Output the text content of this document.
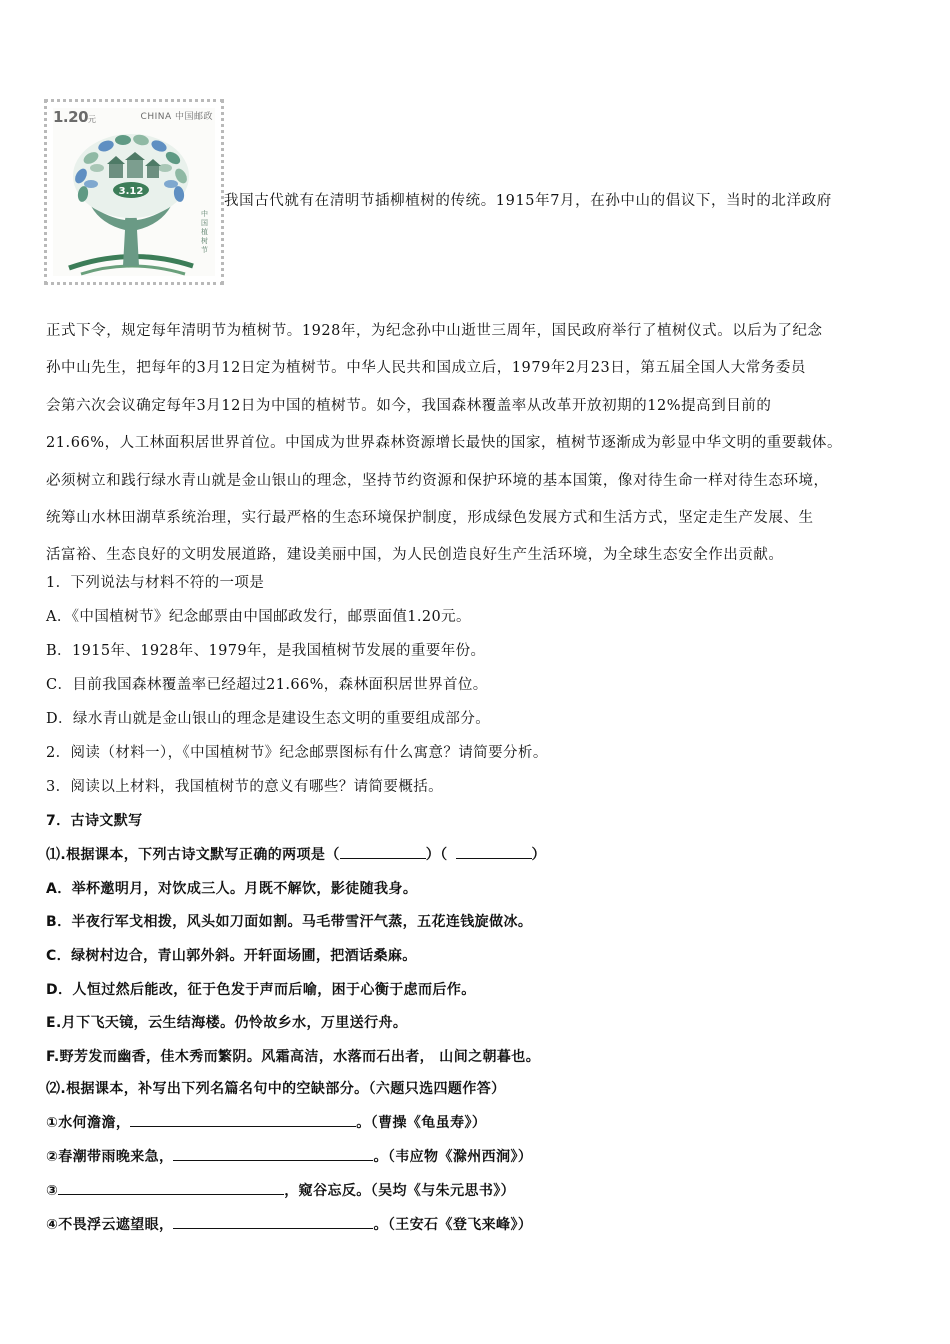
1.20元	CHINA 中国邮政
3.12
中国植树节
我国古代就有在清明节插柳植树的传统。1915年7月，在孙中山的倡议下，当时的北洋政府

正式下令，规定每年清明节为植树节。1928年，为纪念孙中山逝世三周年，国民政府举行了植树仪式。以后为了纪念

孙中山先生，把每年的3月12日定为植树节。中华人民共和国成立后，1979年2月23日，第五届全国人大常务委员

会第六次会议确定每年3月12日为中国的植树节。如今，我国森林覆盖率从改革开放初期的12%提高到目前的

21.66%，人工林面积居世界首位。中国成为世界森林资源增长最快的国家，植树节逐渐成为彰显中华文明的重要载体。

必须树立和践行绿水青山就是金山银山的理念，坚持节约资源和保护环境的基本国策，像对待生命一样对待生态环境，

统筹山水林田湖草系统治理，实行最严格的生态环境保护制度，形成绿色发展方式和生活方式，坚定走生产发展、生

活富裕、生态良好的文明发展道路，建设美丽中国，为人民创造良好生产生活环境，为全球生态安全作出贡献。

1．下列说法与材料不符的一项是
A．《中国植树节》纪念邮票由中国邮政发行，邮票面值1.20元。
B．1915年、1928年、1979年，是我国植树节发展的重要年份。
C．目前我国森林覆盖率已经超过21.66%，森林面积居世界首位。
D．绿水青山就是金山银山的理念是建设生态文明的重要组成部分。
2．阅读（材料一），《中国植树节》纪念邮票图标有什么寓意？请简要分析。
3．阅读以上材料，我国植树节的意义有哪些？请简要概括。
7．古诗文默写
⑴.根据课本，下列古诗文默写正确的两项是（	）（	）
A．举杯邀明月，对饮成三人。月既不解饮，影徒随我身。
B．半夜行军戈相拨，风头如刀面如割。马毛带雪汗气蒸，五花连钱旋做冰。
C．绿树村边合，青山郭外斜。开轩面场圃，把酒话桑麻。
D．人恒过然后能改，征于色发于声而后喻，困于心衡于虑而后作。
E.月下飞天镜，云生结海楼。仍怜故乡水，万里送行舟。
F.野芳发而幽香，佳木秀而繁阴。风霜高洁，水落而石出者， 山间之朝暮也。
⑵.根据课本，补写出下列名篇名句中的空缺部分。（六题只选四题作答）
①水何澹澹，	。（曹操《龟虽寿》）
②春潮带雨晚来急，	。（韦应物《滁州西涧》）
③	，窥谷忘反。（吴均《与朱元思书》）
④不畏浮云遮望眼，	。（王安石《登飞来峰》）
